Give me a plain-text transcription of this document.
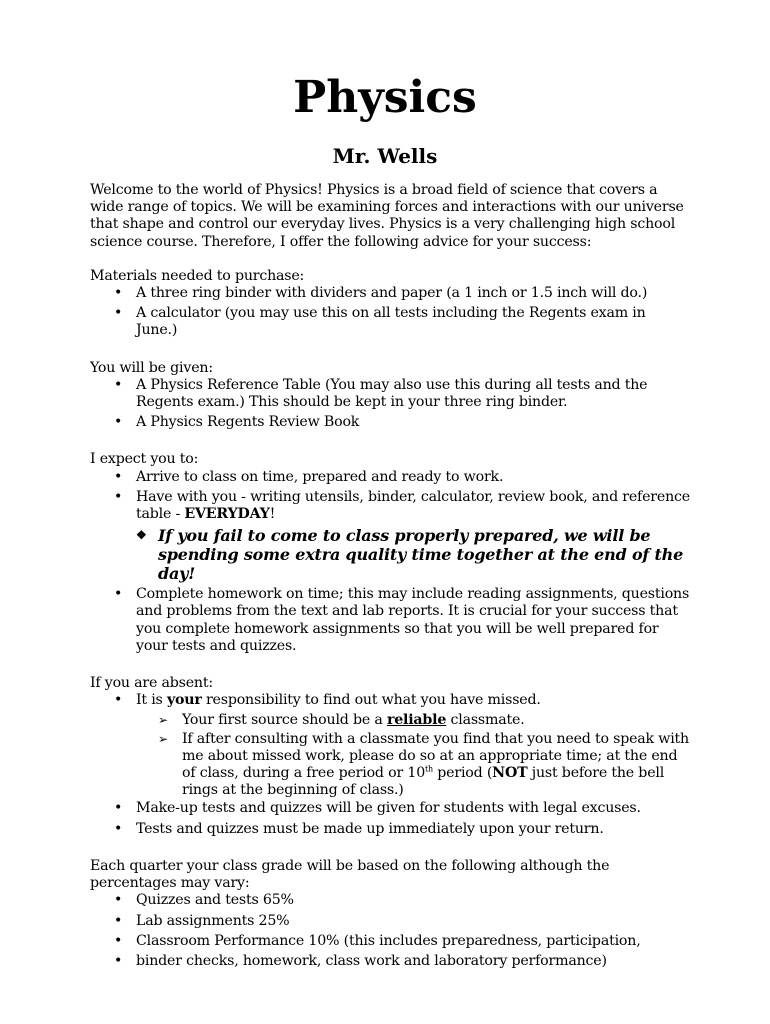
Physics
Mr. Wells

Welcome to the world of Physics! Physics is a broad field of science that covers a wide range of topics. We will be examining forces and interactions with our universe that shape and control our everyday lives. Physics is a very challenging high school science course. Therefore, I offer the following advice for your success:

Materials needed to purchase:

• A three ring binder with dividers and paper (a 1 inch or 1.5 inch will do.)
• A calculator (you may use this on all tests including the Regents exam in June.)

You will be given:

• A Physics Reference Table (You may also use this during all tests and the Regents exam.) This should be kept in your three ring binder.
• A Physics Regents Review Book

I expect you to:

• Arrive to class on time, prepared and ready to work.
• Have with you - writing utensils, binder, calculator, review book, and reference table - EVERYDAY!
❖ If you fail to come to class properly prepared, we will be spending some extra quality time together at the end of the day!
• Complete homework on time; this may include reading assignments, questions and problems from the text and lab reports. It is crucial for your success that you complete homework assignments so that you will be well prepared for your tests and quizzes.

If you are absent:

• It is your responsibility to find out what you have missed.
➢ Your first source should be a reliable classmate.
➢ If after consulting with a classmate you find that you need to speak with me about missed work, please do so at an appropriate time; at the end of class, during a free period or 10th period (NOT just before the bell rings at the beginning of class.)
• Make-up tests and quizzes will be given for students with legal excuses.
• Tests and quizzes must be made up immediately upon your return.

Each quarter your class grade will be based on the following although the percentages may vary:

• Quizzes and tests 65%
• Lab assignments 25%
• Classroom Performance 10% (this includes preparedness, participation,
• binder checks, homework, class work and laboratory performance)
